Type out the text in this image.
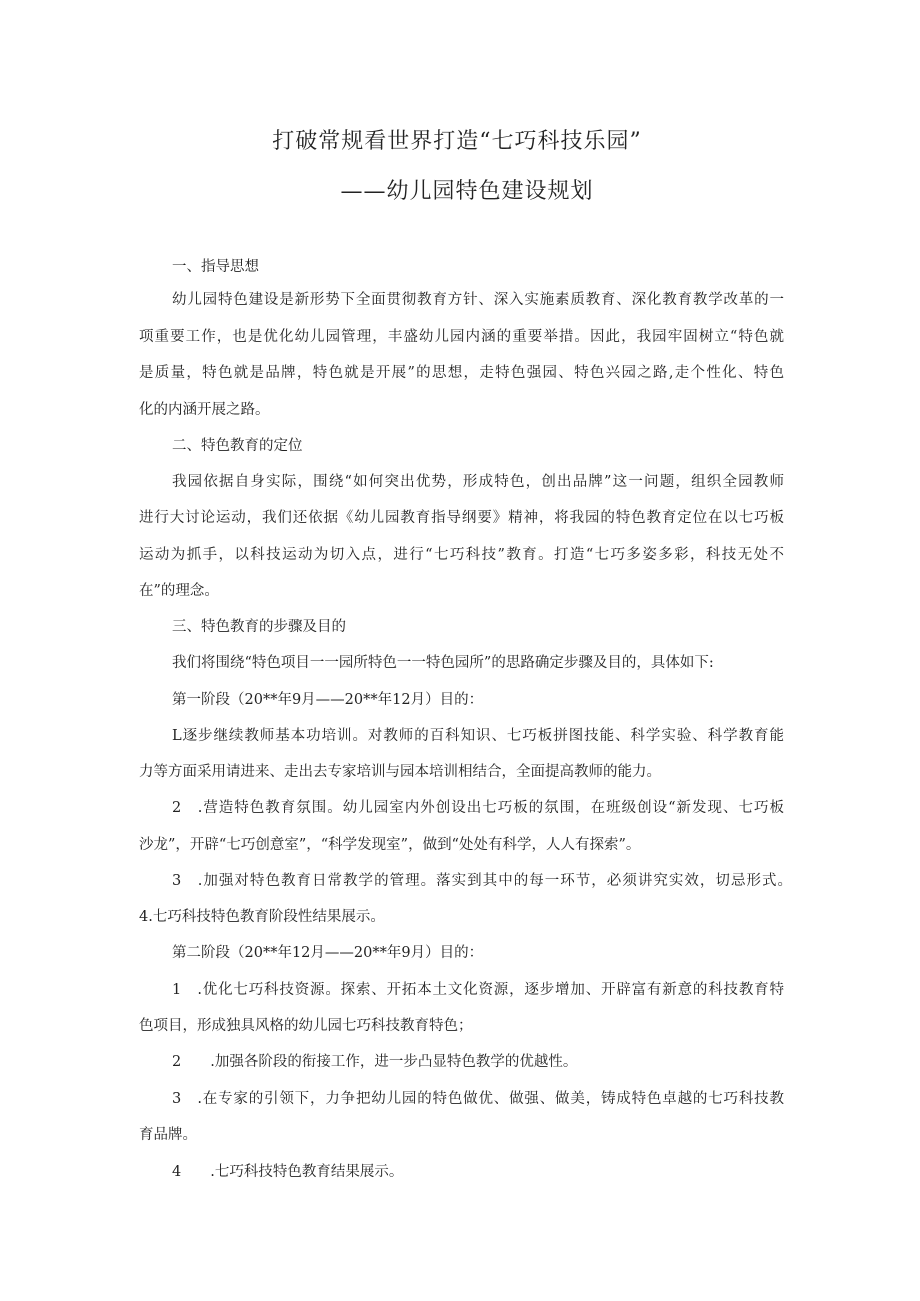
打破常规看世界打造“七巧科技乐园”
——幼儿园特色建设规划
一、指导思想
幼儿园特色建设是新形势下全面贯彻教育方针、深入实施素质教育、深化教育教学改革的一
项重要工作，也是优化幼儿园管理，丰盛幼儿园内涵的重要举措。因此，我园牢固树立“特色就
是质量，特色就是品牌，特色就是开展”的思想，走特色强园、特色兴园之路,走个性化、特色
化的内涵开展之路。
二、特色教育的定位
我园依据自身实际，围绕“如何突出优势，形成特色，创出品牌”这一问题，组织全园教师
进行大讨论运动，我们还依据《幼儿园教育指导纲要》精神，将我园的特色教育定位在以七巧板
运动为抓手，以科技运动为切入点，进行“七巧科技”教育。打造“七巧多姿多彩，科技无处不
在”的理念。
三、特色教育的步骤及目的
我们将围绕“特色项目一一园所特色一一特色园所”的思路确定步骤及目的，具体如下:
第一阶段（20**年9月——20**年12月）目的：
L逐步继续教师基本功培训。对教师的百科知识、七巧板拼图技能、科学实验、科学教育能
力等方面采用请进来、走出去专家培训与园本培训相结合，全面提高教师的能力。
2　.营造特色教育氛围。幼儿园室内外创设出七巧板的氛围，在班级创设“新发现、七巧板
沙龙”，开辟“七巧创意室”，“科学发现室”，做到“处处有科学，人人有探索”。
3　.加强对特色教育日常教学的管理。落实到其中的每一环节，必须讲究实效，切忌形式。
4.七巧科技特色教育阶段性结果展示。
第二阶段（20**年12月——20**年9月）目的：
1　.优化七巧科技资源。探索、开拓本土文化资源，逐步增加、开辟富有新意的科技教育特
色项目，形成独具风格的幼儿园七巧科技教育特色；
2　　.加强各阶段的衔接工作，进一步凸显特色教学的优越性。
3　.在专家的引领下，力争把幼儿园的特色做优、做强、做美，铸成特色卓越的七巧科技教
育品牌。
4　　.七巧科技特色教育结果展示。
